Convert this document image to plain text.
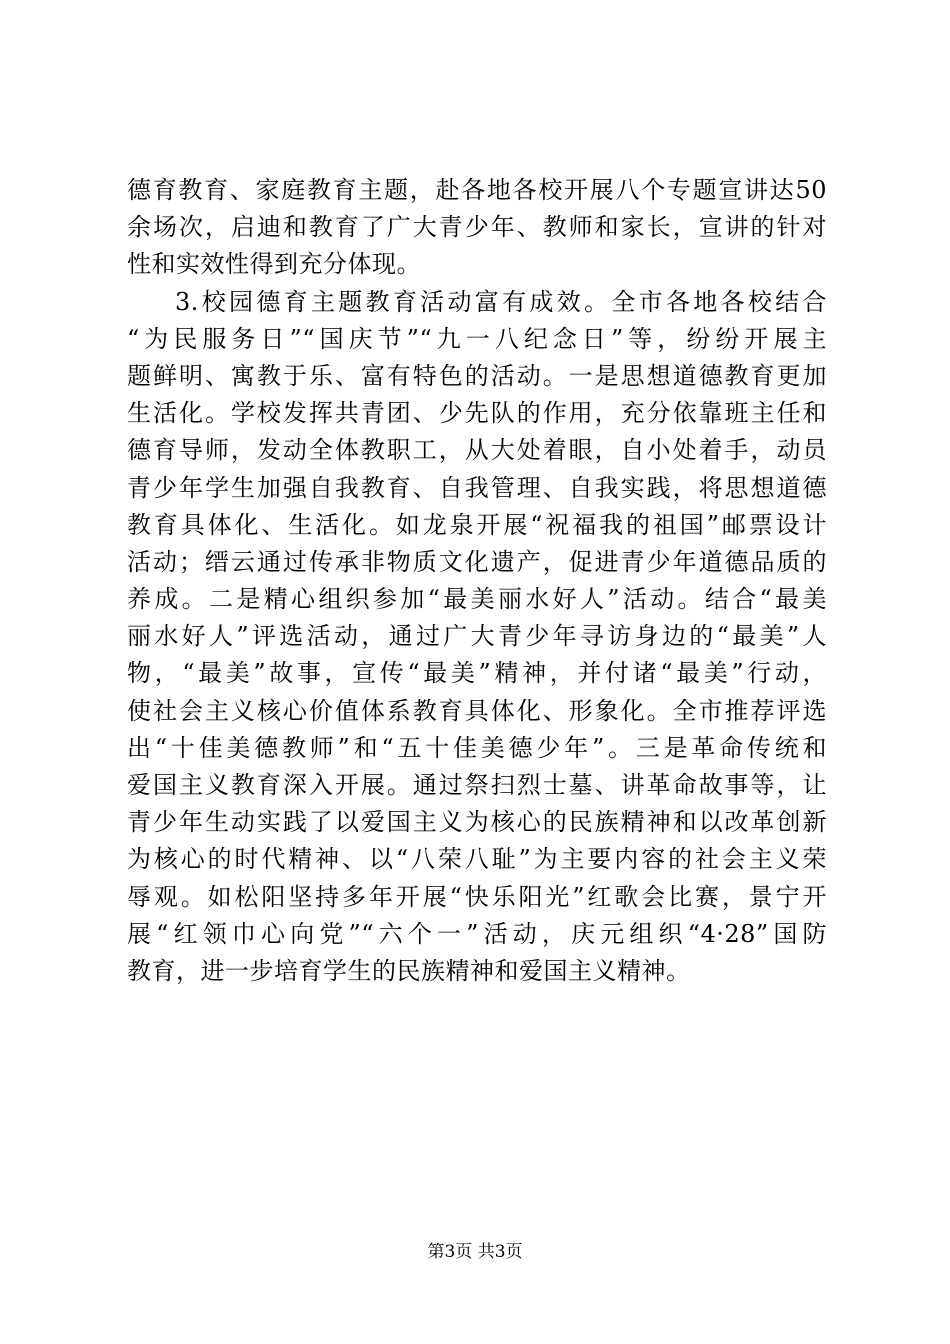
德育教育、家庭教育主题，赴各地各校开展八个专题宣讲达50
余场次，启迪和教育了广大青少年、教师和家长，宣讲的针对
性和实效性得到充分体现。
3.校园德育主题教育活动富有成效。全市各地各校结合
“为民服务日”“国庆节”“九一八纪念日”等，纷纷开展主
题鲜明、寓教于乐、富有特色的活动。一是思想道德教育更加
生活化。学校发挥共青团、少先队的作用，充分依靠班主任和
德育导师，发动全体教职工，从大处着眼，自小处着手，动员
青少年学生加强自我教育、自我管理、自我实践，将思想道德
教育具体化、生活化。如龙泉开展“祝福我的祖国”邮票设计
活动；缙云通过传承非物质文化遗产，促进青少年道德品质的
养成。二是精心组织参加“最美丽水好人”活动。结合“最美
丽水好人”评选活动，通过广大青少年寻访身边的“最美”人
物，“最美”故事，宣传“最美”精神，并付诸“最美”行动，
使社会主义核心价值体系教育具体化、形象化。全市推荐评选
出“十佳美德教师”和“五十佳美德少年”。三是革命传统和
爱国主义教育深入开展。通过祭扫烈士墓、讲革命故事等，让
青少年生动实践了以爱国主义为核心的民族精神和以改革创新
为核心的时代精神、以“八荣八耻”为主要内容的社会主义荣
辱观。如松阳坚持多年开展“快乐阳光”红歌会比赛，景宁开
展“红领巾心向党”“六个一”活动，庆元组织“4·28”国防
教育，进一步培育学生的民族精神和爱国主义精神。
第3页 共3页
